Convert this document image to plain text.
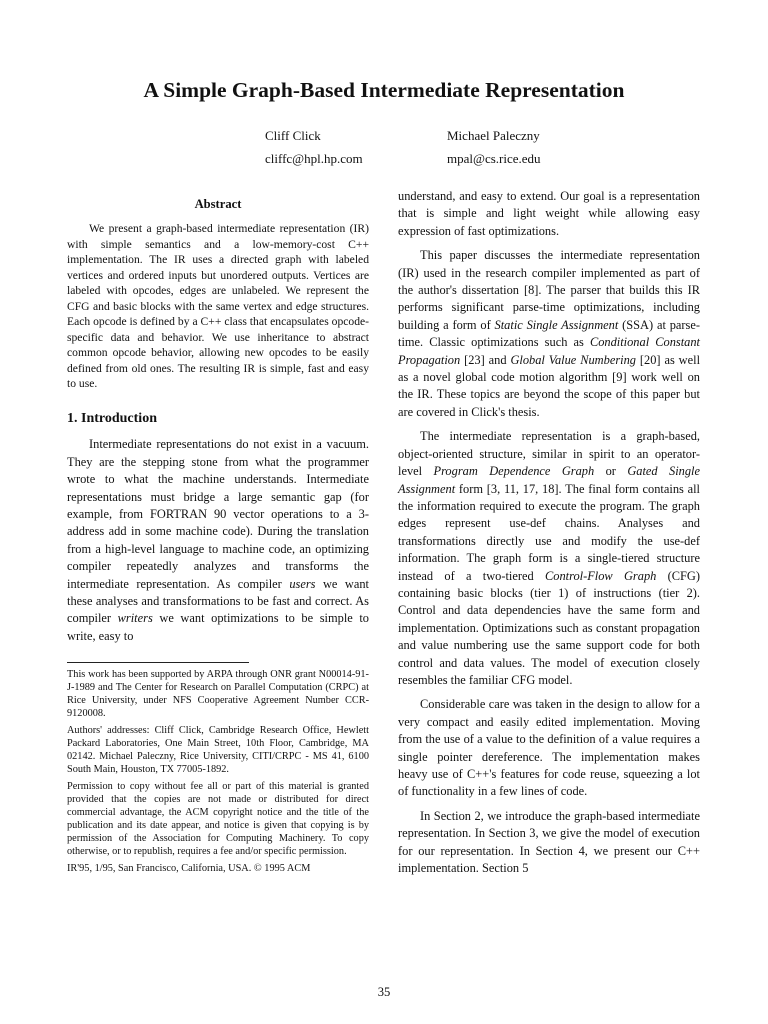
A Simple Graph-Based Intermediate Representation
Cliff Click
cliffc@hpl.hp.com
Michael Paleczny
mpal@cs.rice.edu
Abstract

We present a graph-based intermediate representation (IR) with simple semantics and a low-memory-cost C++ implementation. The IR uses a directed graph with labeled vertices and ordered inputs but unordered outputs. Vertices are labeled with opcodes, edges are unlabeled. We represent the CFG and basic blocks with the same vertex and edge structures. Each opcode is defined by a C++ class that encapsulates opcode-specific data and behavior. We use inheritance to abstract common opcode behavior, allowing new opcodes to be easily defined from old ones. The resulting IR is simple, fast and easy to use.

1. Introduction

Intermediate representations do not exist in a vacuum. They are the stepping stone from what the programmer wrote to what the machine understands. Intermediate representations must bridge a large semantic gap (for example, from FORTRAN 90 vector operations to a 3-address add in some machine code). During the translation from a high-level language to machine code, an optimizing compiler repeatedly analyzes and transforms the intermediate representation. As compiler users we want these analyses and transformations to be fast and correct. As compiler writers we want optimizations to be simple to write, easy to

This work has been supported by ARPA through ONR grant N00014-91-J-1989 and The Center for Research on Parallel Computation (CRPC) at Rice University, under NFS Cooperative Agreement Number CCR-9120008.

Authors' addresses: Cliff Click, Cambridge Research Office, Hewlett Packard Laboratories, One Main Street, 10th Floor, Cambridge, MA 02142. Michael Paleczny, Rice University, CITI/CRPC - MS 41, 6100 South Main, Houston, TX 77005-1892.

Permission to copy without fee all or part of this material is granted provided that the copies are not made or distributed for direct commercial advantage, the ACM copyright notice and the title of the publication and its date appear, and notice is given that copying is by permission of the Association for Computing Machinery. To copy otherwise, or to republish, requires a fee and/or specific permission.

IR'95, 1/95, San Francisco, California, USA. © 1995 ACM

understand, and easy to extend. Our goal is a representation that is simple and light weight while allowing easy expression of fast optimizations.

This paper discusses the intermediate representation (IR) used in the research compiler implemented as part of the author's dissertation [8]. The parser that builds this IR performs significant parse-time optimizations, including building a form of Static Single Assignment (SSA) at parse-time. Classic optimizations such as Conditional Constant Propagation [23] and Global Value Numbering [20] as well as a novel global code motion algorithm [9] work well on the IR. These topics are beyond the scope of this paper but are covered in Click's thesis.

The intermediate representation is a graph-based, object-oriented structure, similar in spirit to an operator-level Program Dependence Graph or Gated Single Assignment form [3, 11, 17, 18]. The final form contains all the information required to execute the program. The graph edges represent use-def chains. Analyses and transformations directly use and modify the use-def information. The graph form is a single-tiered structure instead of a two-tiered Control-Flow Graph (CFG) containing basic blocks (tier 1) of instructions (tier 2). Control and data dependencies have the same form and implementation. Optimizations such as constant propagation and value numbering use the same support code for both control and data values. The model of execution closely resembles the familiar CFG model.

Considerable care was taken in the design to allow for a very compact and easily edited implementation. Moving from the use of a value to the definition of a value requires a single pointer dereference. The implementation makes heavy use of C++'s features for code reuse, squeezing a lot of functionality in a few lines of code.

In Section 2, we introduce the graph-based intermediate representation. In Section 3, we give the model of execution for our representation. In Section 4, we present our C++ implementation. Section 5

35
